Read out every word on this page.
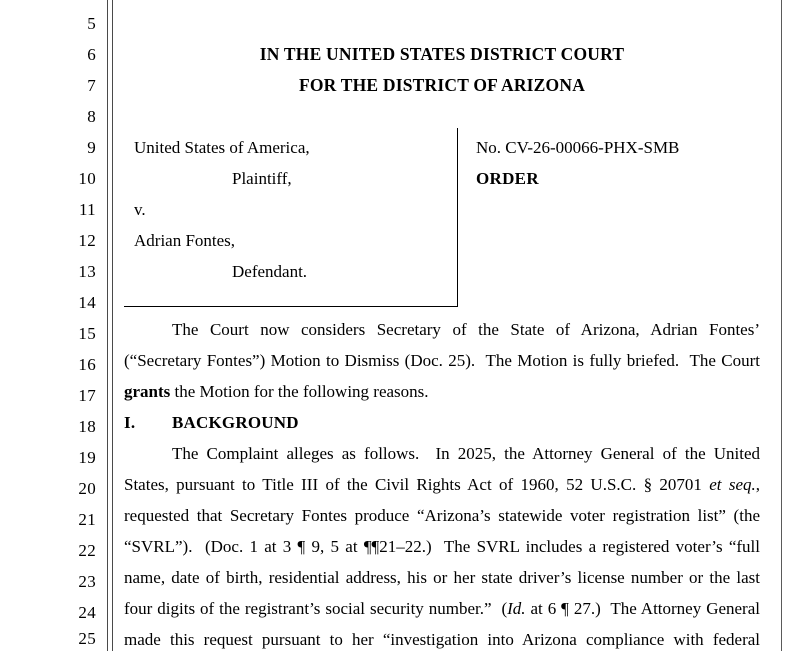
5
6
7
8
9
10
11
12
13
14
15
16
17
18
19
20
21
22
23
24
25
IN THE UNITED STATES DISTRICT COURT
FOR THE DISTRICT OF ARIZONA
United States of America,
Plaintiff,
v.
Adrian Fontes,
Defendant.
No. CV-26-00066-PHX-SMB
ORDER
The Court now considers Secretary of the State of Arizona, Adrian Fontes’
(“Secretary Fontes”) Motion to Dismiss (Doc. 25).  The Motion is fully briefed.  The Court
grants the Motion for the following reasons.
I. BACKGROUND
The Complaint alleges as follows.  In 2025, the Attorney General of the United
States, pursuant to Title III of the Civil Rights Act of 1960, 52 U.S.C. § 20701 et seq.,
requested that Secretary Fontes produce “Arizona’s statewide voter registration list” (the
“SVRL”).  (Doc. 1 at 3 ¶ 9, 5 at ¶¶21–22.)  The SVRL includes a registered voter’s “full
name, date of birth, residential address, his or her state driver’s license number or the last
four digits of the registrant’s social security number.”  (Id. at 6 ¶ 27.)  The Attorney General
made this request pursuant to her “investigation into Arizona compliance with federal
